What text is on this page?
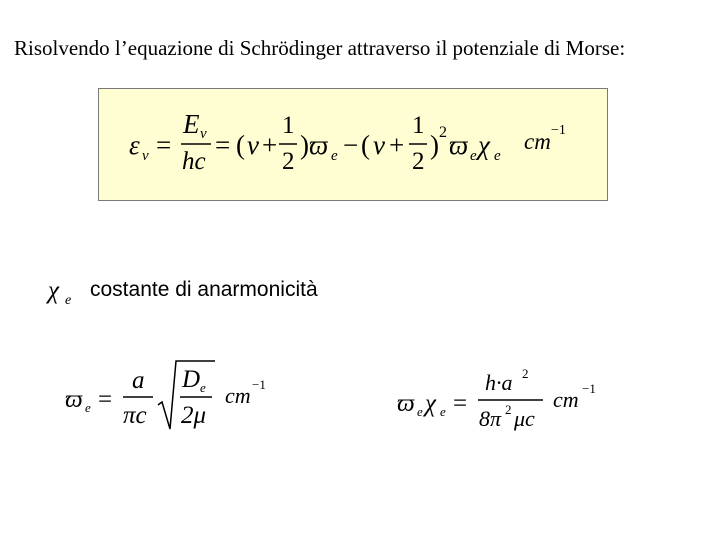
Risolvendo l’equazione di Schrödinger attraverso il potenziale di Morse:
ε v =
E v
hc
= ( v +
1
2
) ϖ e − ( v +
1
2
) 2 ϖ e χ e
cm −1
χ e costante di anarmonicità
ϖ e =
a
πc
D e
2μ
cm −1
ϖ e χ e =
h·a 2
8π 2 μc
cm −1
